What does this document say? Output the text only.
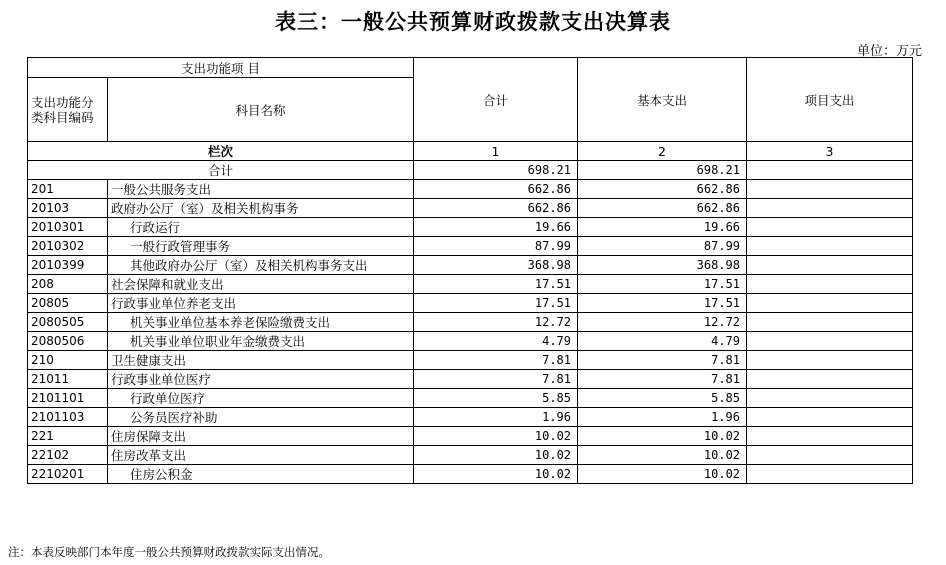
表三：一般公共预算财政拨款支出决算表
单位：万元
支出功能项 目		合计	基本支出	项目支出
支出功能分类科目编码	科目名称			
栏次		1	2	3
合计		698.21	698.21	
201	一般公共服务支出	662.86	662.86	
20103	政府办公厅（室）及相关机构事务	662.86	662.86	
2010301	行政运行	19.66	19.66	
2010302	一般行政管理事务	87.99	87.99	
2010399	其他政府办公厅（室）及相关机构事务支出	368.98	368.98	
208	社会保障和就业支出	17.51	17.51	
20805	行政事业单位养老支出	17.51	17.51	
2080505	机关事业单位基本养老保险缴费支出	12.72	12.72	
2080506	机关事业单位职业年金缴费支出	4.79	4.79	
210	卫生健康支出	7.81	7.81	
21011	行政事业单位医疗	7.81	7.81	
2101101	行政单位医疗	5.85	5.85	
2101103	公务员医疗补助	1.96	1.96	
221	住房保障支出	10.02	10.02	
22102	住房改革支出	10.02	10.02	
2210201	住房公积金	10.02	10.02	
注：本表反映部门本年度一般公共预算财政拨款实际支出情况。
